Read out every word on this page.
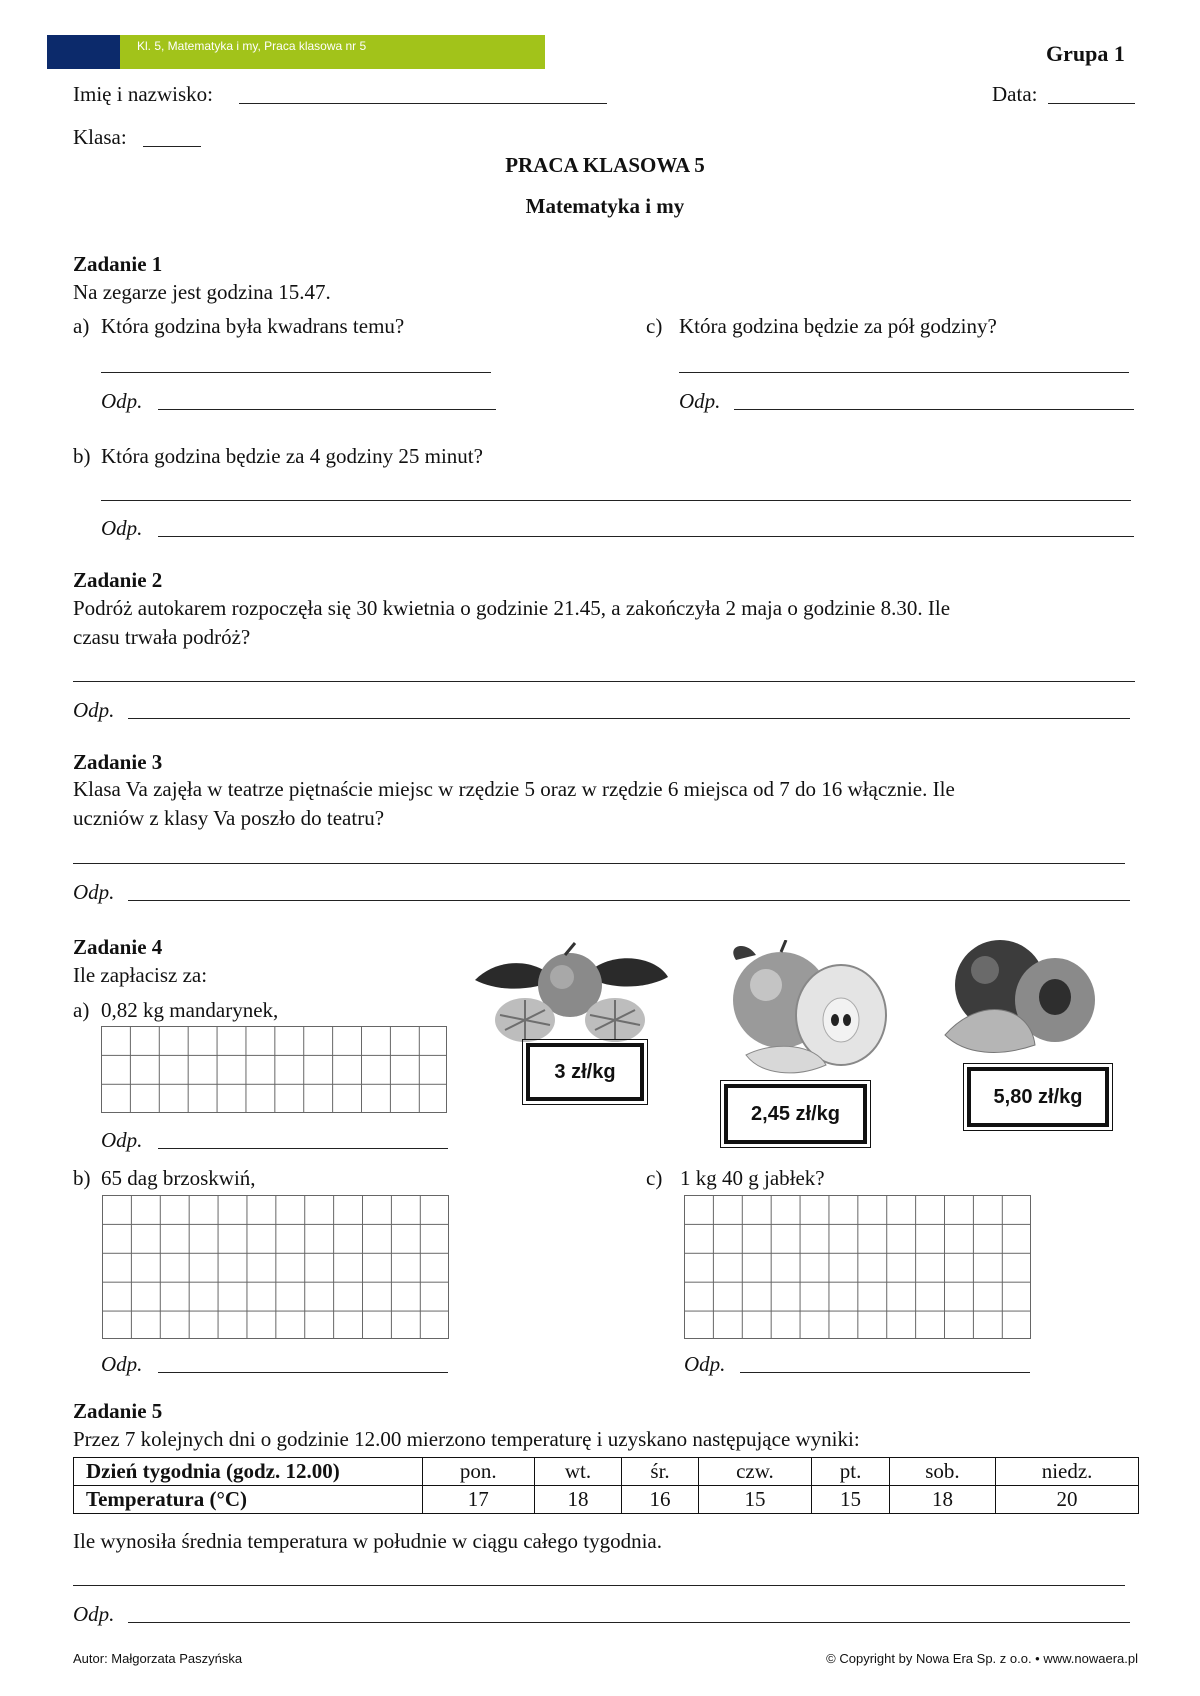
Kl. 5, Matematyka i my, Praca klasowa nr 5	Grupa 1
Imię i nazwisko:	Data:
Klasa:
PRACA KLASOWA 5
Matematyka i my
Zadanie 1
Na zegarze jest godzina 15.47.
a) Która godzina była kwadrans temu?	c) Która godzina będzie za pół godziny?
Odp.	Odp.
b) Która godzina będzie za 4 godziny 25 minut?
Odp.
Zadanie 2
Podróż autokarem rozpoczęła się 30 kwietnia o godzinie 21.45, a zakończyła 2 maja o godzinie 8.30. Ile
czasu trwała podróż?
Odp.
Zadanie 3
Klasa Va zajęła w teatrze piętnaście miejsc w rzędzie 5 oraz w rzędzie 6 miejsca od 7 do 16 włącznie. Ile
uczniów z klasy Va poszło do teatru?
Odp.
Zadanie 4
Ile zapłacisz za:
a) 0,82 kg mandarynek,
Odp.
3 zł/kg
2,45 zł/kg
5,80 zł/kg
b) 65 dag brzoskwiń,	c) 1 kg 40 g jabłek?
Odp.	Odp.
Zadanie 5
Przez 7 kolejnych dni o godzinie 12.00 mierzono temperaturę i uzyskano następujące wyniki:
Dzień tygodnia (godz. 12.00)	pon.	wt.	śr.	czw.	pt.	sob.	niedz.
Temperatura (°C)	17	18	16	15	15	18	20
Ile wynosiła średnia temperatura w południe w ciągu całego tygodnia.
Odp.
Autor: Małgorzata Paszyńska	© Copyright by Nowa Era Sp. z o.o. • www.nowaera.pl
